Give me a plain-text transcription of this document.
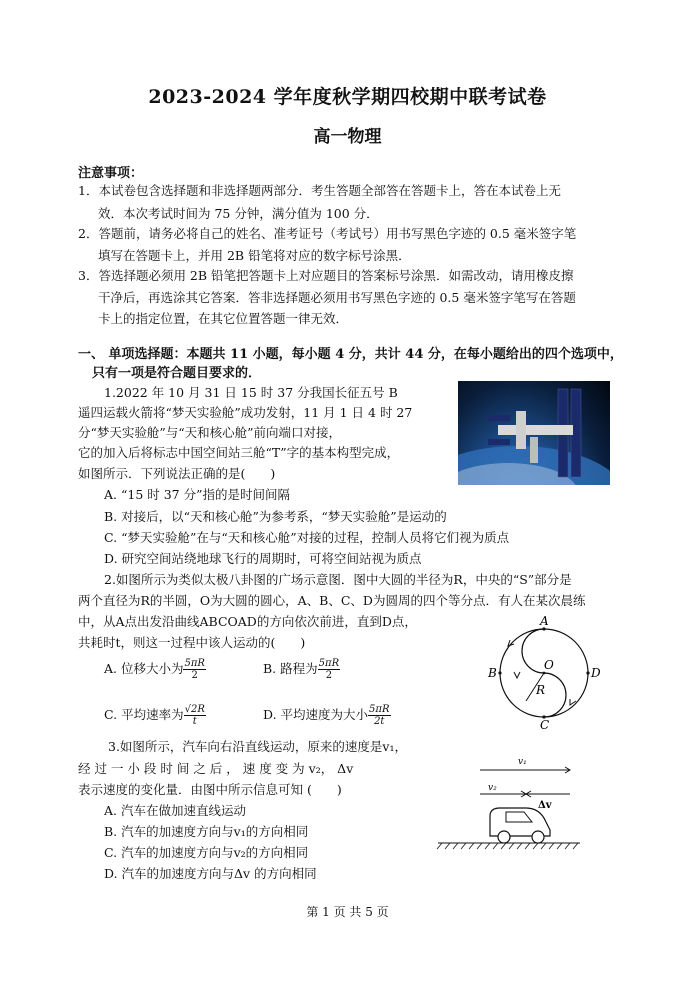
2023-2024 学年度秋学期四校期中联考试卷
高一物理
注意事项：
1．本试卷包含选择题和非选择题两部分．考生答题全部答在答题卡上，答在本试卷上无
效．本次考试时间为 75 分钟，满分值为 100 分．
2．答题前，请务必将自己的姓名、准考证号（考试号）用书写黑色字迹的 0.5 毫米签字笔
填写在答题卡上，并用 2B 铅笔将对应的数字标号涂黑．
3．答选择题必须用 2B 铅笔把答题卡上对应题目的答案标号涂黑．如需改动，请用橡皮擦
干净后，再选涂其它答案．答非选择题必须用书写黑色字迹的 0.5 毫米签字笔写在答题
卡上的指定位置，在其它位置答题一律无效．
一、 单项选择题：本题共 11 小题，每小题 4 分，共计 44 分，在每小题给出的四个选项中，
只有一项是符合题目要求的．
1.2022 年 10 月 31 日 15 时 37 分我国长征五号 B
遥四运载火箭将“梦天实验舱”成功发射，11 月 1 日 4 时 27
分“梦天实验舱”与“天和核心舱”前向端口对接，
它的加入后将标志中国空间站三舱“T”字的基本构型完成，
如图所示．下列说法正确的是(　　)
A. “15 时 37 分”指的是时间间隔
B. 对接后，以“天和核心舱”为参考系，“梦天实验舱”是运动的
C. “梦天实验舱”在与“天和核心舱”对接的过程，控制人员将它们视为质点
D. 研究空间站绕地球飞行的周期时，可将空间站视为质点
2.如图所示为类似太极八卦图的广场示意图．图中大圆的半径为R，中央的“S”部分是
两个直径为R的半圆，O为大圆的圆心，A、B、C、D为圆周的四个等分点．有人在某次晨练
中，从A点出发沿曲线ABCOAD的方向依次前进，直到D点，
共耗时t，则这一过程中该人运动的(　　)
A. 位移大小为 $\frac{5\pi R}{2}$	B. 路程为 $\frac{5\pi R}{2}$
C. 平均速率为 $\frac{√2R}{t}$	D. 平均速度为大小 $\frac{5\pi R}{2t}$
A
B
O
D
R
C
3.如图所示，汽车向右沿直线运动，原来的速度是v₁，
经 过 一 小 段 时 间 之 后 ， 速 度 变 为 v₂， Δv
表示速度的变化量．由图中所示信息可知 (　　)
A. 汽车在做加速直线运动
B. 汽车的加速度方向与v₁的方向相同
C. 汽车的加速度方向与v₂的方向相同
D. 汽车的加速度方向与Δv 的方向相同
v₁
v₂
Δv
第 1 页 共 5 页
